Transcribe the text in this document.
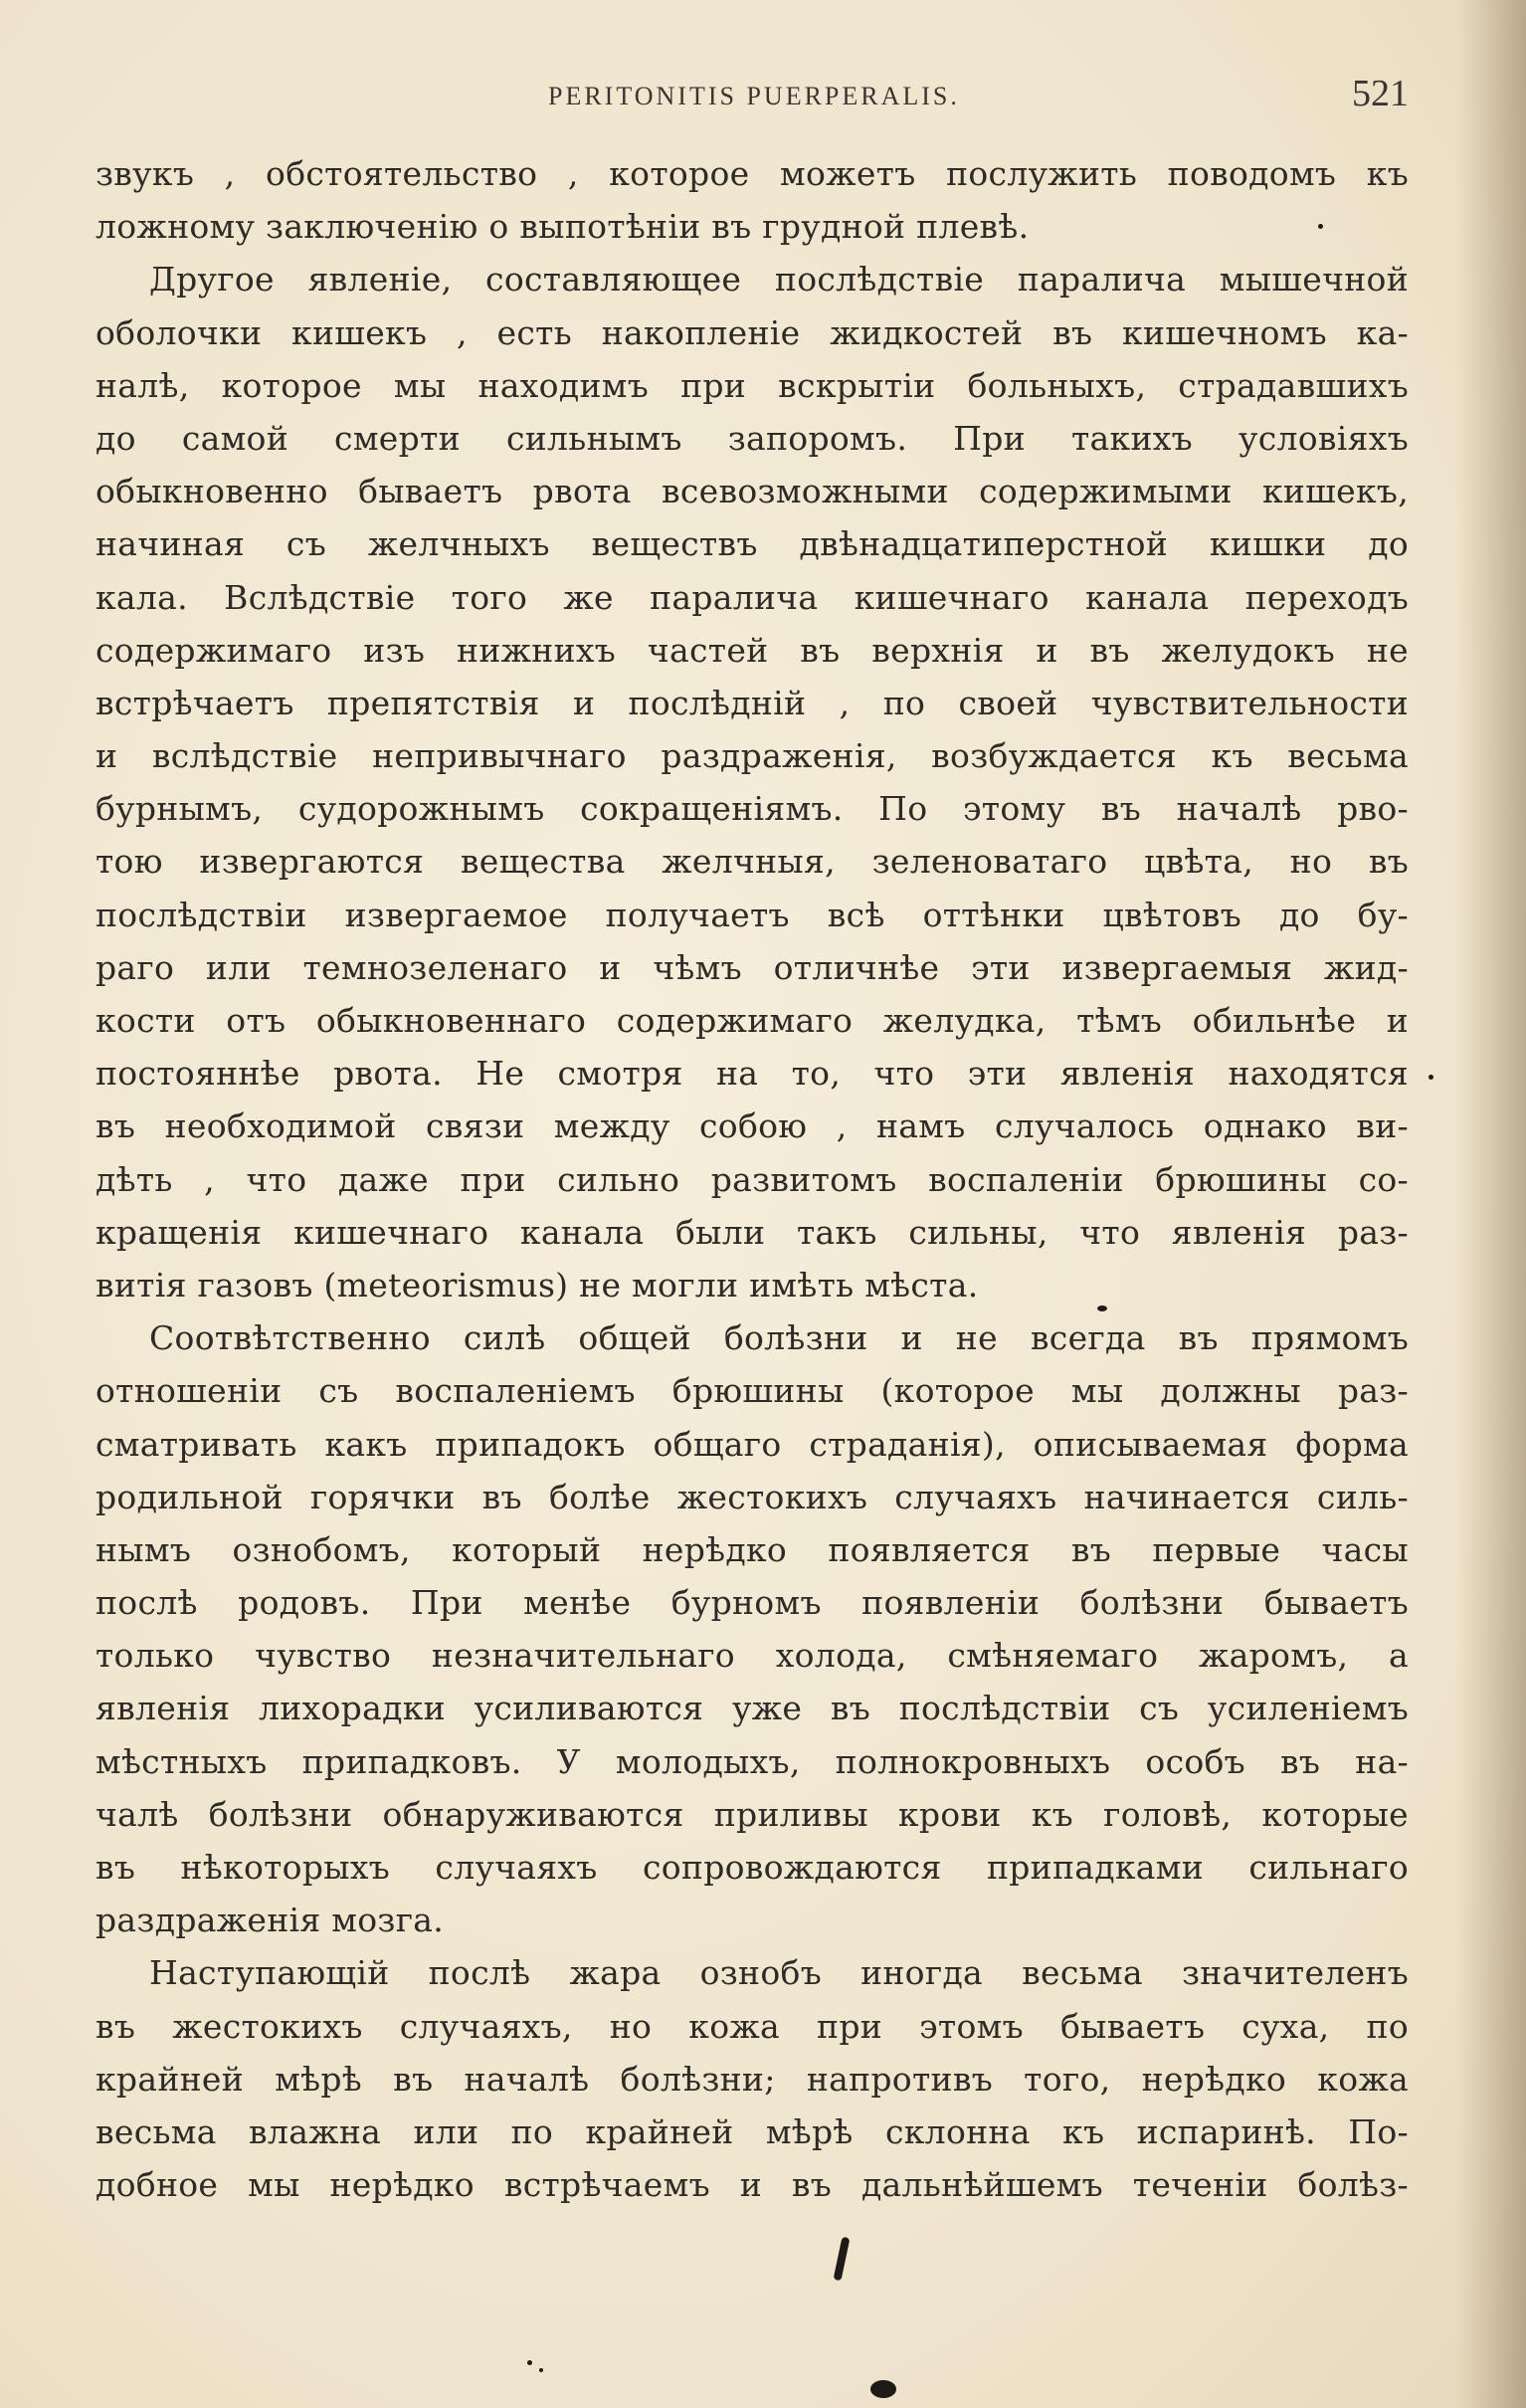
PERITONITIS PUERPERALIS.	521
звукъ , обстоятельство , которое можетъ послужить поводомъ къ
ложному заключенію о выпотѣніи въ грудной плевѣ.
Другое явленіе, составляющее послѣдствіе паралича мышечной
оболочки кишекъ , есть накопленіе жидкостей въ кишечномъ ка-
налѣ, которое мы находимъ при вскрытіи больныхъ, страдавшихъ
до самой смерти сильнымъ запоромъ. При такихъ условіяхъ
обыкновенно бываетъ рвота всевозможными содержимыми кишекъ,
начиная съ желчныхъ веществъ двѣнадцатиперстной кишки до
кала. Вслѣдствіе того же паралича кишечнаго канала переходъ
содержимаго изъ нижнихъ частей въ верхнія и въ желудокъ не
встрѣчаетъ препятствія и послѣдній , по своей чувствительности
и вслѣдствіе непривычнаго раздраженія, возбуждается къ весьма
бурнымъ, судорожнымъ сокращеніямъ. По этому въ началѣ рво-
тою извергаются вещества желчныя, зеленоватаго цвѣта, но въ
послѣдствіи извергаемое получаетъ всѣ оттѣнки цвѣтовъ до бу-
раго или темнозеленаго и чѣмъ отличнѣе эти извергаемыя жид-
кости отъ обыкновеннаго содержимаго желудка, тѣмъ обильнѣе и
постояннѣе рвота. Не смотря на то, что эти явленія находятся
въ необходимой связи между собою , намъ случалось однако ви-
дѣть , что даже при сильно развитомъ воспаленіи брюшины со-
кращенія кишечнаго канала были такъ сильны, что явленія раз-
витія газовъ (meteorismus) не могли имѣть мѣста.
Соотвѣтственно силѣ общей болѣзни и не всегда въ прямомъ
отношеніи съ воспаленіемъ брюшины (которое мы должны раз-
сматривать какъ припадокъ общаго страданія), описываемая форма
родильной горячки въ болѣе жестокихъ случаяхъ начинается силь-
нымъ ознобомъ, который нерѣдко появляется въ первые часы
послѣ родовъ. При менѣе бурномъ появленіи болѣзни бываетъ
только чувство незначительнаго холода, смѣняемаго жаромъ, а
явленія лихорадки усиливаются уже въ послѣдствіи съ усиленіемъ
мѣстныхъ припадковъ. У молодыхъ, полнокровныхъ особъ въ на-
чалѣ болѣзни обнаруживаются приливы крови къ головѣ, которые
въ нѣкоторыхъ случаяхъ сопровождаются припадками сильнаго
раздраженія мозга.
Наступающій послѣ жара ознобъ иногда весьма значителенъ
въ жестокихъ случаяхъ, но кожа при этомъ бываетъ суха, по
крайней мѣрѣ въ началѣ болѣзни; напротивъ того, нерѣдко кожа
весьма влажна или по крайней мѣрѣ склонна къ испаринѣ. По-
добное мы нерѣдко встрѣчаемъ и въ дальнѣйшемъ теченіи болѣз-
